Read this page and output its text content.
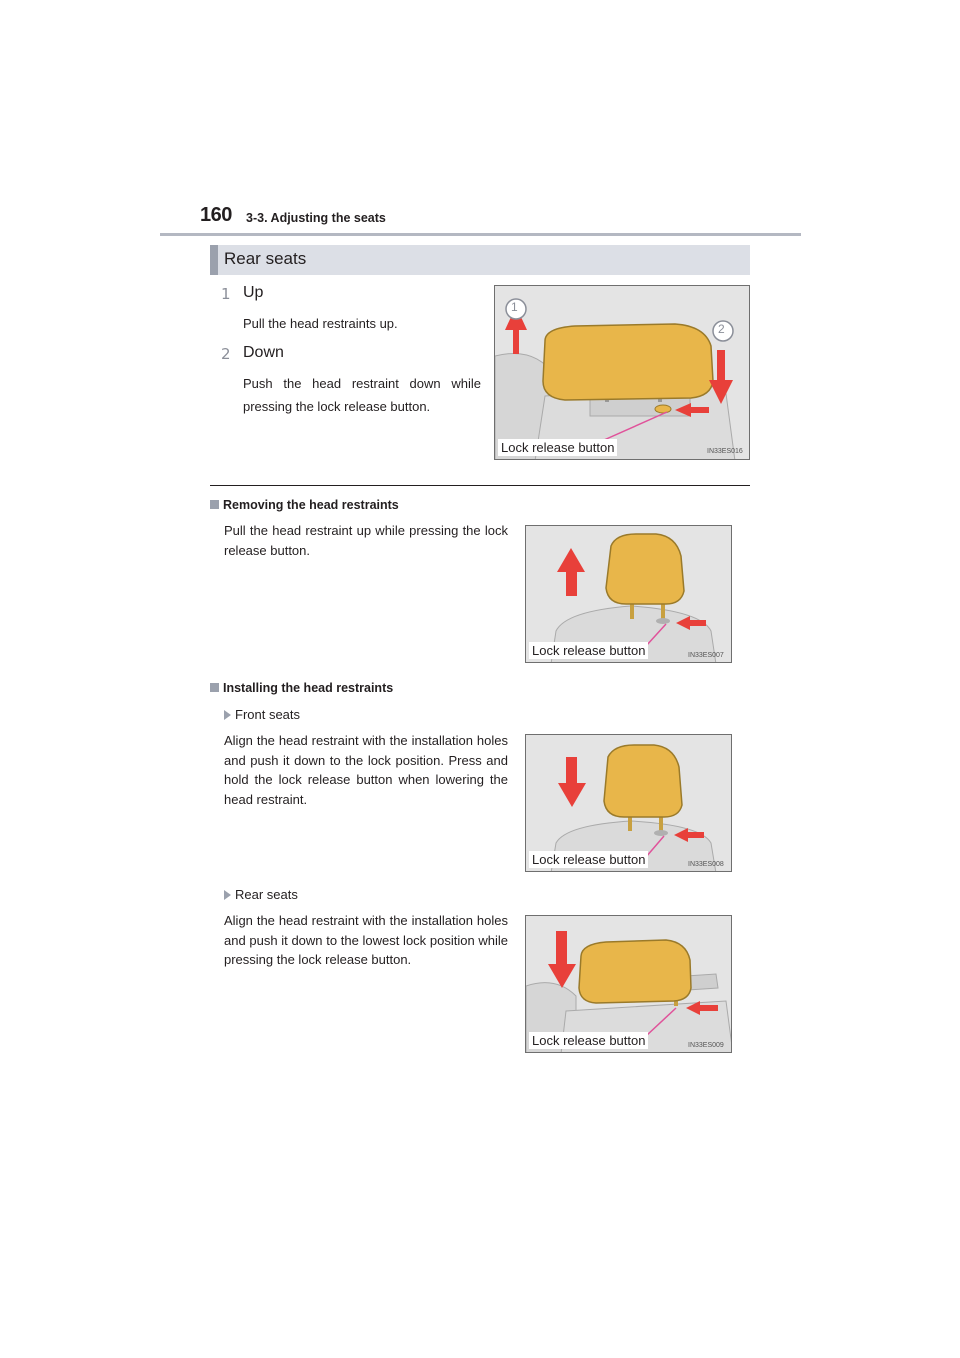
160 3-3. Adjusting the seats
Rear seats
1 Up
Pull the head restraints up.
2 Down
Push the head restraint down while pressing the lock release button.
1
2
Lock release button	IN33ES016
Removing the head restraints
Pull the head restraint up while pressing the lock release button.
Lock release button	IN33ES007
Installing the head restraints
Front seats
Align the head restraint with the installation holes and push it down to the lock position. Press and hold the lock release button when lowering the head restraint.
Lock release button	IN33ES008
Rear seats
Align the head restraint with the installation holes and push it down to the lowest lock position while pressing the lock release button.
Lock release button	IN33ES009
